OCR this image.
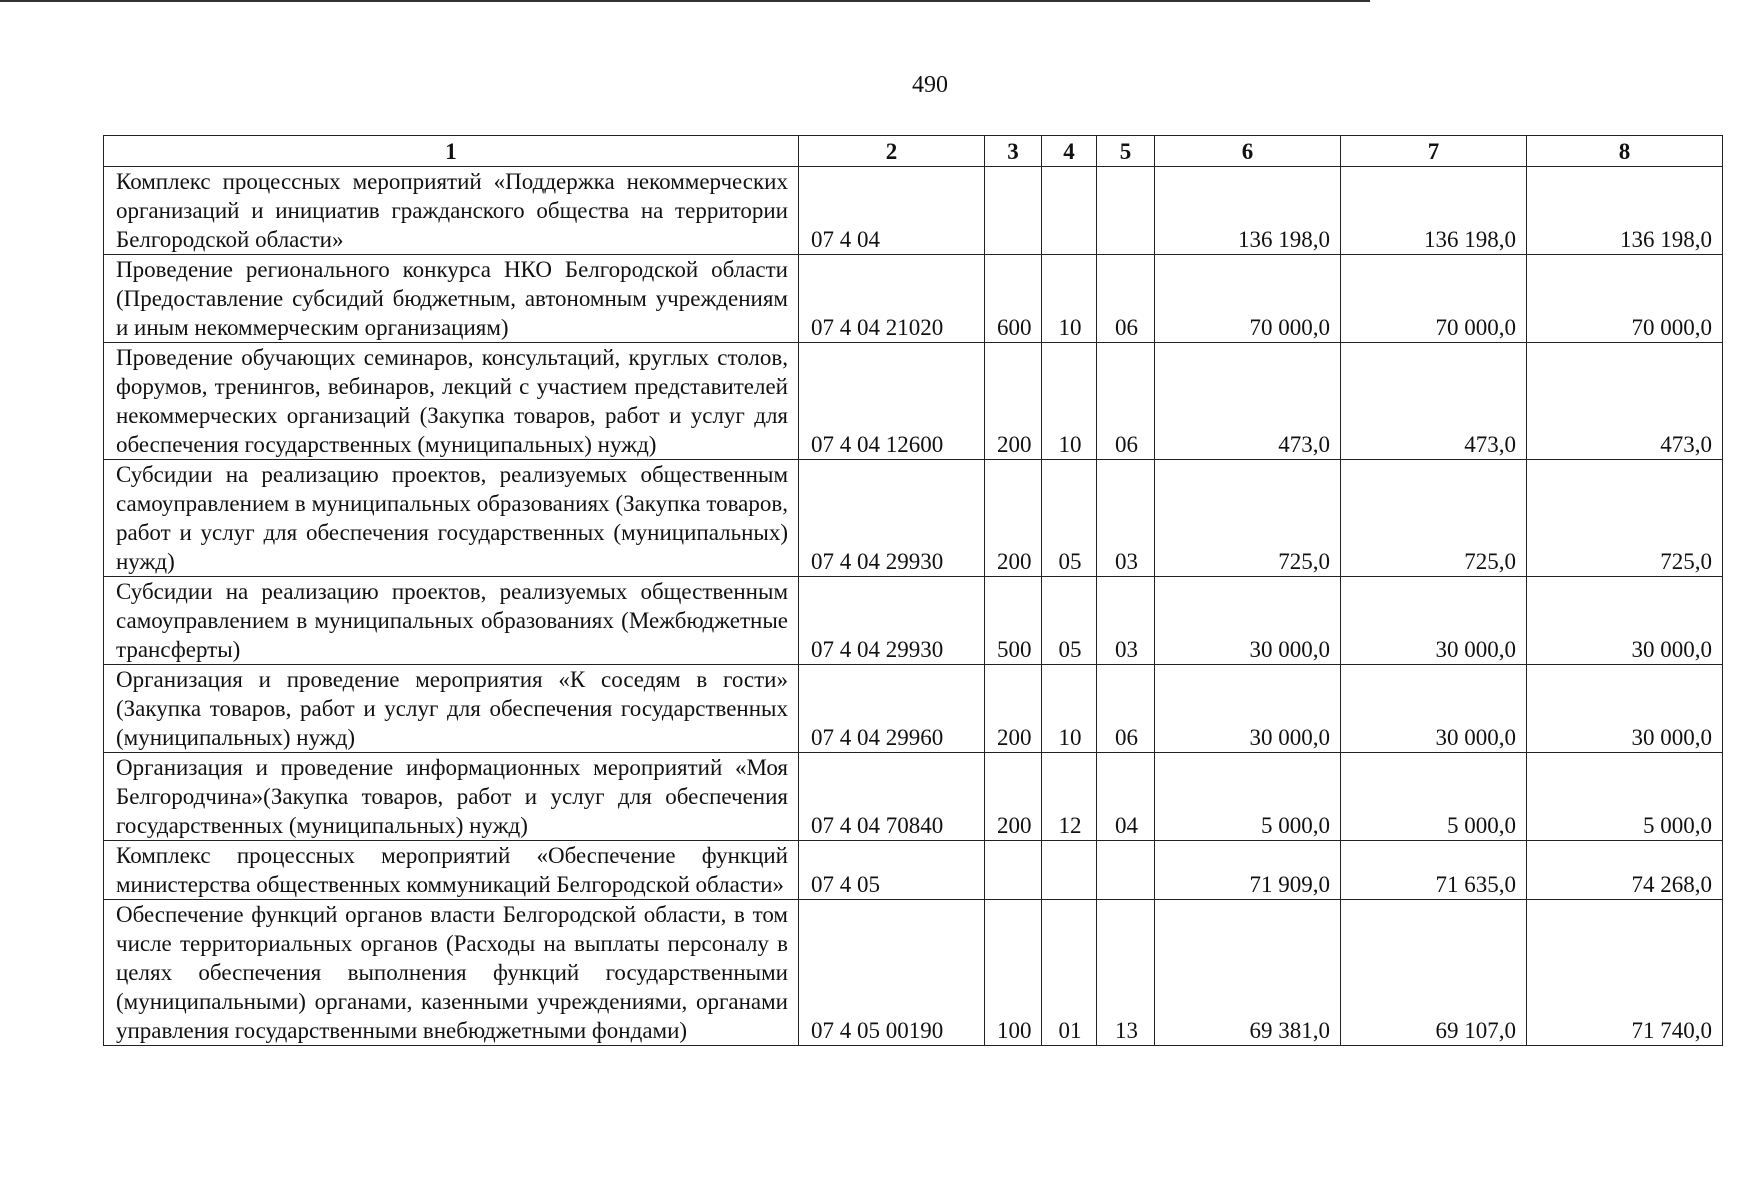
490
1	2	3	4	5	6	7	8
Комплекс процессных мероприятий «Поддержка некоммерческих организаций и инициатив гражданского общества на территории Белгородской области»	07 4 04				136 198,0	136 198,0	136 198,0
Проведение регионального конкурса НКО Белгородской области (Предоставление субсидий бюджетным, автономным учреждениям и иным некоммерческим организациям)	07 4 04 21020	600	10	06	70 000,0	70 000,0	70 000,0
Проведение обучающих семинаров, консультаций, круглых столов, форумов, тренингов, вебинаров, лекций с участием представителей некоммерческих организаций (Закупка товаров, работ и услуг для обеспечения государственных (муниципальных) нужд)	07 4 04 12600	200	10	06	473,0	473,0	473,0
Субсидии на реализацию проектов, реализуемых общественным самоуправлением в муниципальных образованиях (Закупка товаров, работ и услуг для обеспечения государственных (муниципальных) нужд)	07 4 04 29930	200	05	03	725,0	725,0	725,0
Субсидии на реализацию проектов, реализуемых общественным самоуправлением в муниципальных образованиях (Межбюджетные трансферты)	07 4 04 29930	500	05	03	30 000,0	30 000,0	30 000,0
Организация и проведение мероприятия «К соседям в гости» (Закупка товаров, работ и услуг для обеспечения государственных (муниципальных) нужд)	07 4 04 29960	200	10	06	30 000,0	30 000,0	30 000,0
Организация и проведение информационных мероприятий «Моя Белгородчина»(Закупка товаров, работ и услуг для обеспечения государственных (муниципальных) нужд)	07 4 04 70840	200	12	04	5 000,0	5 000,0	5 000,0
Комплекс процессных мероприятий «Обеспечение функций министерства общественных коммуникаций Белгородской области»	07 4 05				71 909,0	71 635,0	74 268,0
Обеспечение функций органов власти Белгородской области, в том числе территориальных органов (Расходы на выплаты персоналу в целях обеспечения выполнения функций государственными (муниципальными) органами, казенными учреждениями, органами управления государственными внебюджетными фондами)	07 4 05 00190	100	01	13	69 381,0	69 107,0	71 740,0
